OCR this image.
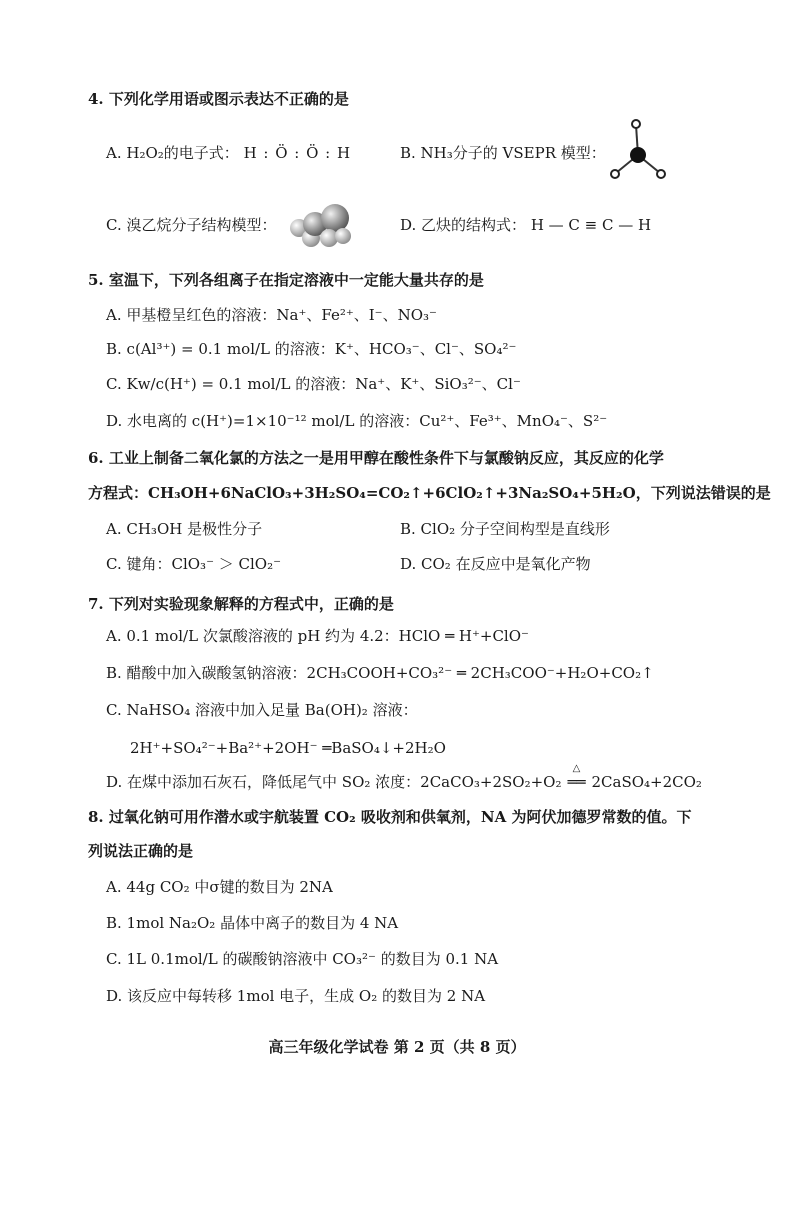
4. 下列化学用语或图示表达不正确的是
A. H₂O₂的电子式： H : Ö : Ö : H	B. NH₃分子的 VSEPR 模型：
C. 溴乙烷分子结构模型：	D. 乙炔的结构式： H — C ≡ C — H
5. 室温下，下列各组离子在指定溶液中一定能大量共存的是
A. 甲基橙呈红色的溶液：Na⁺、Fe²⁺、I⁻、NO₃⁻
B. c(Al³⁺) = 0.1 mol/L 的溶液：K⁺、HCO₃⁻、Cl⁻、SO₄²⁻
C. Kw/c(H⁺) = 0.1 mol/L 的溶液：Na⁺、K⁺、SiO₃²⁻、Cl⁻
D. 水电离的 c(H⁺)=1×10⁻¹² mol/L 的溶液：Cu²⁺、Fe³⁺、MnO₄⁻、S²⁻
6. 工业上制备二氧化氯的方法之一是用甲醇在酸性条件下与氯酸钠反应，其反应的化学
方程式：CH₃OH+6NaClO₃+3H₂SO₄=CO₂↑+6ClO₂↑+3Na₂SO₄+5H₂O，下列说法错误的是
A. CH₃OH 是极性分子	B. ClO₂ 分子空间构型是直线形
C. 键角：ClO₃⁻ ＞ ClO₂⁻	D. CO₂ 在反应中是氧化产物
7. 下列对实验现象解释的方程式中，正确的是
A. 0.1 mol/L 次氯酸溶液的 pH 约为 4.2：HClO ═ H⁺+ClO⁻
B. 醋酸中加入碳酸氢钠溶液：2CH₃COOH+CO₃²⁻ ═ 2CH₃COO⁻+H₂O+CO₂↑
C. NaHSO₄ 溶液中加入足量 Ba(OH)₂ 溶液：
2H⁺+SO₄²⁻+Ba²⁺+2OH⁻ ═BaSO₄↓+2H₂O
D. 在煤中添加石灰石，降低尾气中 SO₂ 浓度：2CaCO₃+2SO₂+O₂
△
══ 2CaSO₄+2CO₂
8. 过氧化钠可用作潜水或宇航装置 CO₂ 吸收剂和供氧剂，NA 为阿伏加德罗常数的值。下
列说法正确的是
A. 44g CO₂ 中σ键的数目为 2NA
B. 1mol Na₂O₂ 晶体中离子的数目为 4 NA
C. 1L 0.1mol/L 的碳酸钠溶液中 CO₃²⁻ 的数目为 0.1 NA
D. 该反应中每转移 1mol 电子，生成 O₂ 的数目为 2 NA
高三年级化学试卷 第 2 页（共 8 页）
